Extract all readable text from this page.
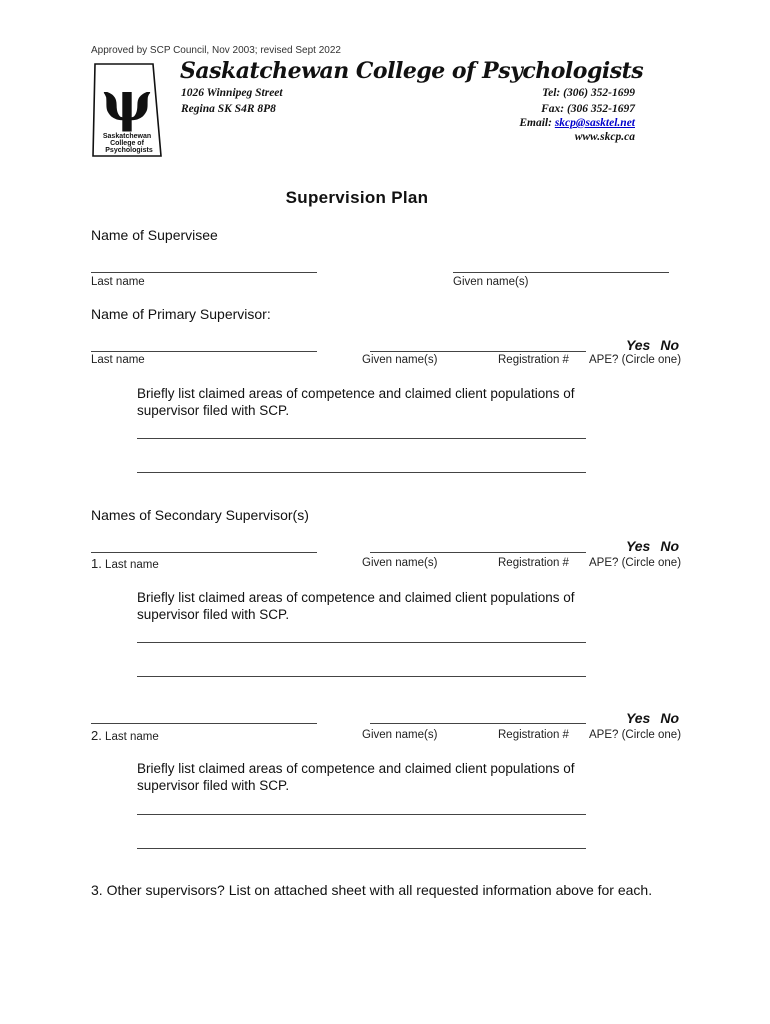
Approved by SCP Council, Nov 2003; revised Sept 2022
ψ
Saskatchewan
College of
Psychologists
Saskatchewan College of Psychologists
1026 Winnipeg Street
Regina SK S4R 8P8
Tel: (306) 352-1699
Fax: (306 352-1697
Email: skcp@sasktel.net
www.skcp.ca
Supervision Plan
Name of Supervisee
Last name	Given name(s)
Name of Primary Supervisor:
Yes No
Last name	Given name(s)	Registration # APE? (Circle one)
Briefly list claimed areas of competence and claimed client populations of supervisor filed with SCP.
Names of Secondary Supervisor(s)
Yes No
1. Last name	Given name(s)	Registration # APE? (Circle one)
Briefly list claimed areas of competence and claimed client populations of supervisor filed with SCP.
Yes No
2. Last name	Given name(s)	Registration # APE? (Circle one)
Briefly list claimed areas of competence and claimed client populations of supervisor filed with SCP.
3. Other supervisors? List on attached sheet with all requested information above for each.
